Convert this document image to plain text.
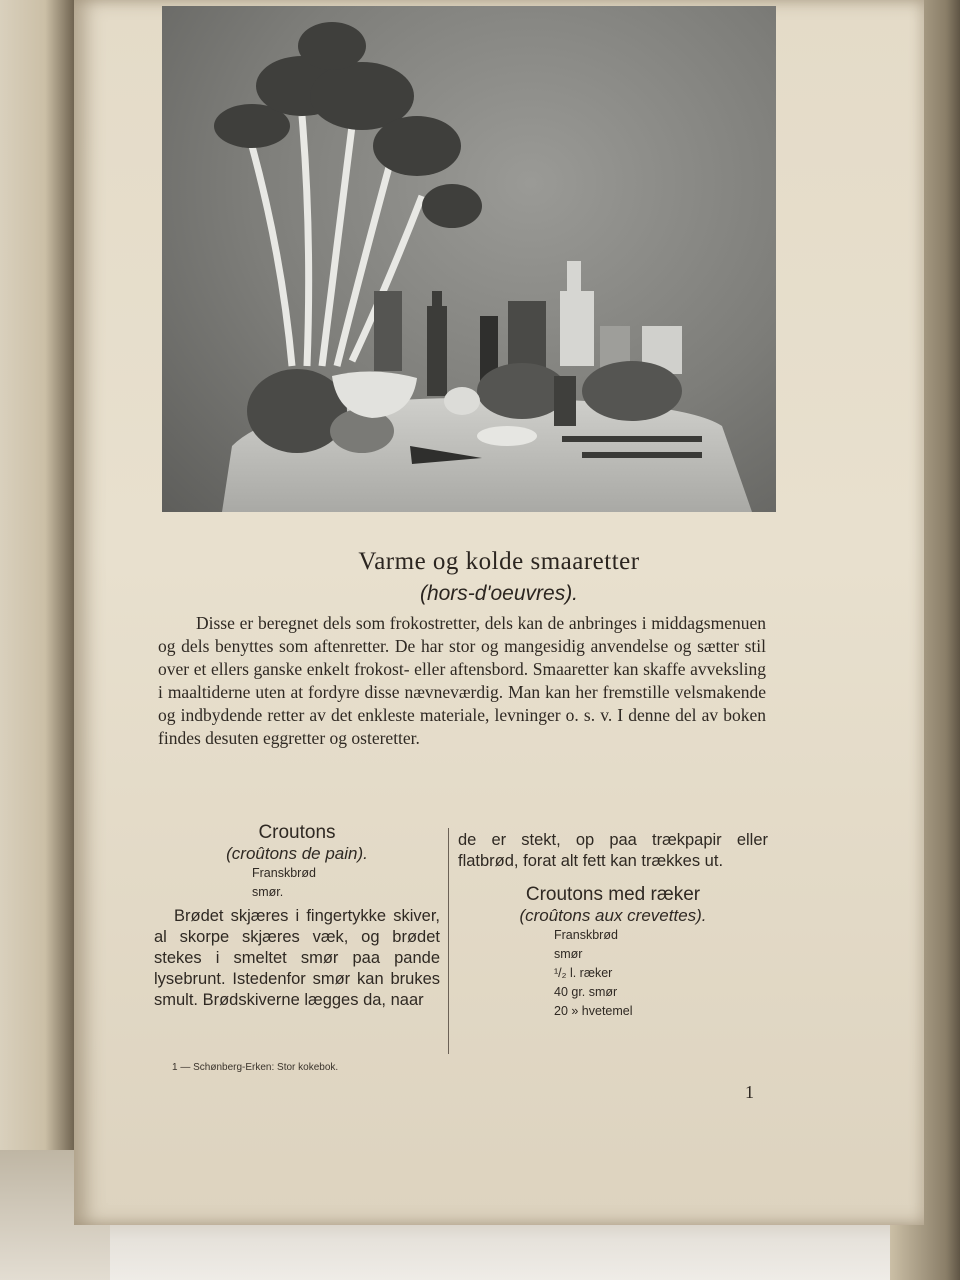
Varme og kolde smaaretter
(hors-d'oeuvres).

Disse er beregnet dels som frokostretter, dels kan de anbringes i middagsmenuen og dels benyttes som aftenretter. De har stor og mangesidig anvendelse og sætter stil over et ellers ganske enkelt frokost- eller aftensbord. Smaaretter kan skaffe avveksling i maaltiderne uten at fordyre disse nævneværdig. Man kan her fremstille velsmakende og indbydende retter av det enkleste materiale, levninger o. s. v. I denne del av boken findes desuten eggretter og osteretter.

Croutons
(croûtons de pain).
Franskbrød
smør.
Brødet skjæres i fingertykke skiver, al skorpe skjæres væk, og brødet stekes i smeltet smør paa pande lysebrunt. Istedenfor smør kan brukes smult. Brødskiverne lægges da, naar
de er stekt, op paa trækpapir eller flatbrød, forat alt fett kan trækkes ut.
Croutons med ræker
(croûtons aux crevettes).
Franskbrød
smør
¹/₂ l. ræker
40 gr. smør
20 » hvetemel
1 — Schønberg-Erken: Stor kokebok.
1
